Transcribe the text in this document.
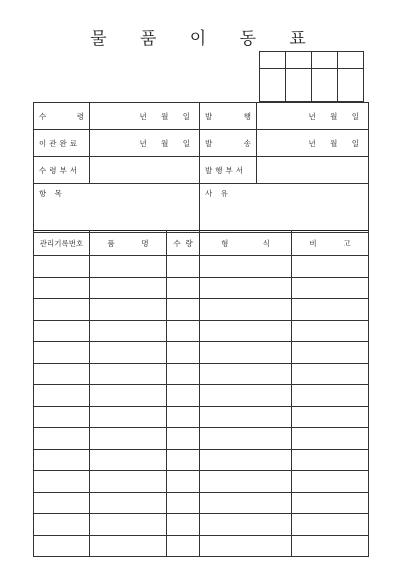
물 품 이 동 표

수 령	년 월 일	발 행	년 월 일
이관완료	년 월 일	발 송	년 월 일
수령부서		발행부서	
항 목		사 유	
관리기록번호	품 명	수 량	형 식	비 고
